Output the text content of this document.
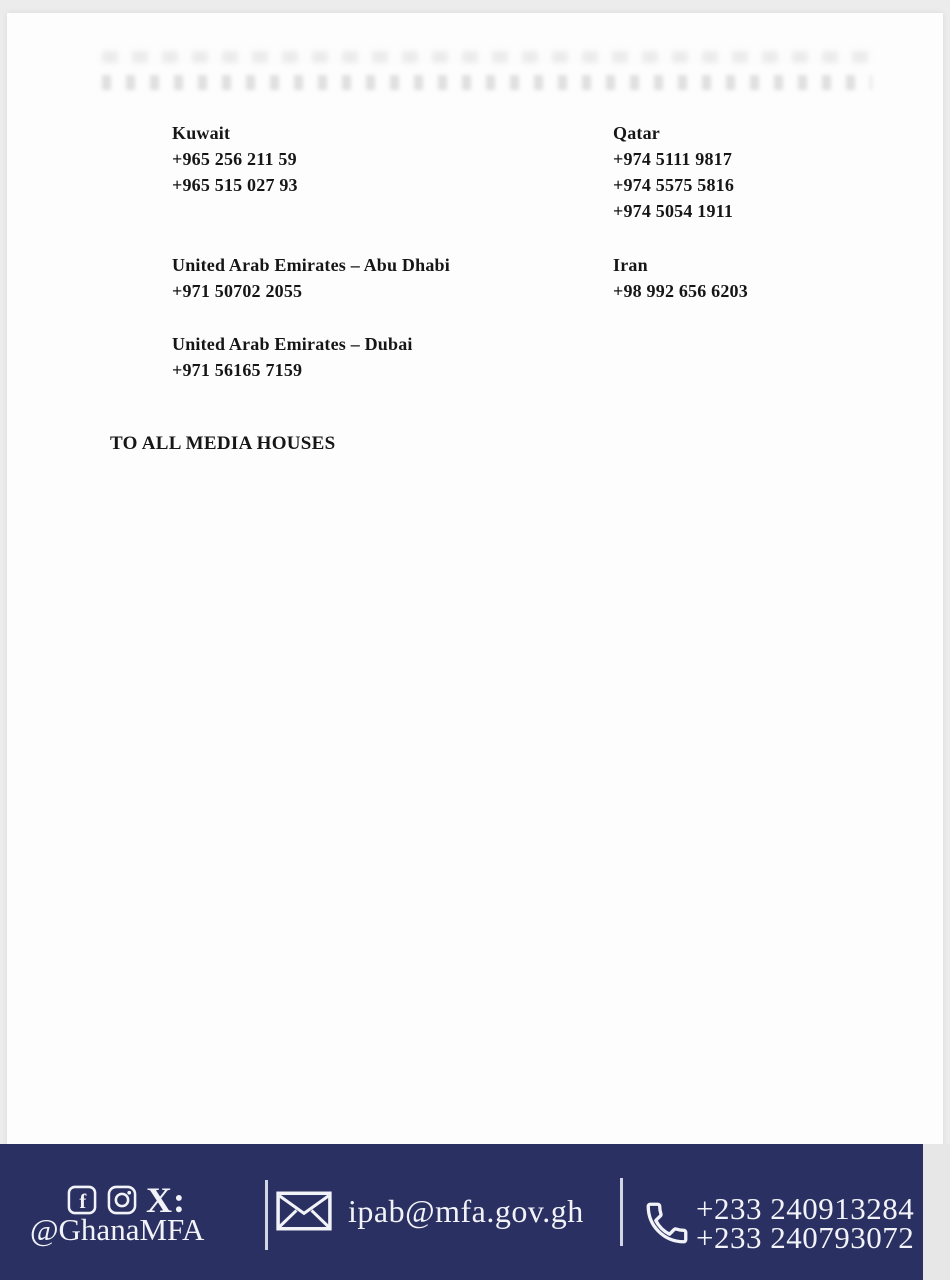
Kuwait
+965 256 211 59
+965 515 027 93
United Arab Emirates – Abu Dhabi
+971 50702 2055
United Arab Emirates – Dubai
+971 56165 7159
Qatar
+974 5111 9817
+974 5575 5816
+974 5054 1911
Iran
+98 992 656 6203
TO ALL MEDIA HOUSES
f X:
@GhanaMFA
ipab@mfa.gov.gh	+233 240913284
+233 240793072
